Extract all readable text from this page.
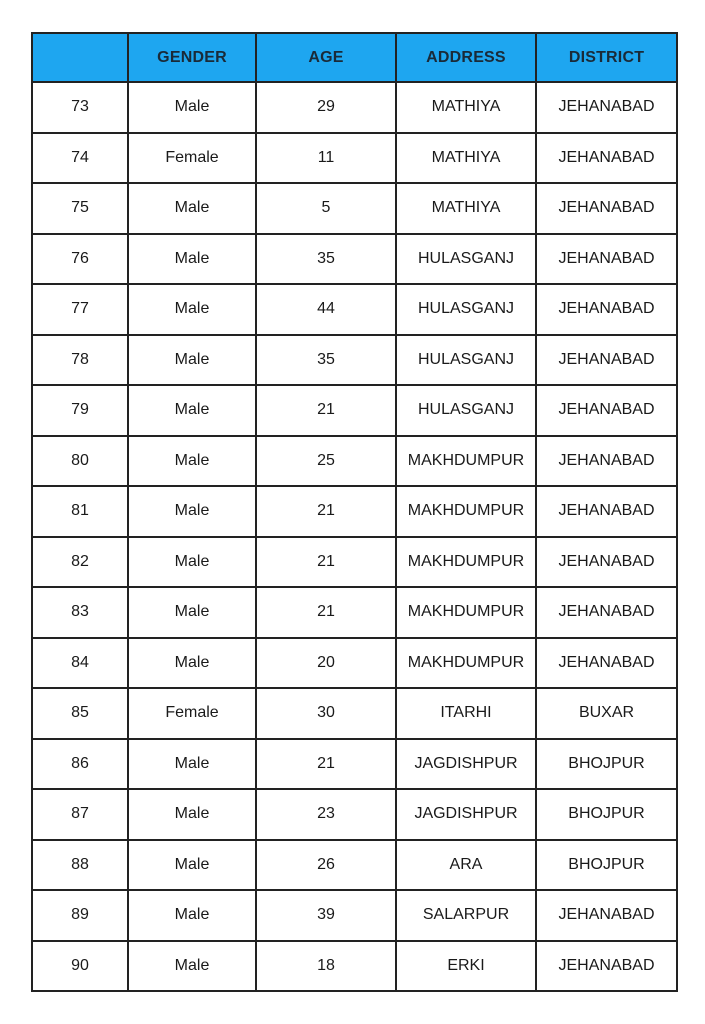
	GENDER	AGE	ADDRESS	DISTRICT
73	Male	29	MATHIYA	JEHANABAD
74	Female	11	MATHIYA	JEHANABAD
75	Male	5	MATHIYA	JEHANABAD
76	Male	35	HULASGANJ	JEHANABAD
77	Male	44	HULASGANJ	JEHANABAD
78	Male	35	HULASGANJ	JEHANABAD
79	Male	21	HULASGANJ	JEHANABAD
80	Male	25	MAKHDUMPUR	JEHANABAD
81	Male	21	MAKHDUMPUR	JEHANABAD
82	Male	21	MAKHDUMPUR	JEHANABAD
83	Male	21	MAKHDUMPUR	JEHANABAD
84	Male	20	MAKHDUMPUR	JEHANABAD
85	Female	30	ITARHI	BUXAR
86	Male	21	JAGDISHPUR	BHOJPUR
87	Male	23	JAGDISHPUR	BHOJPUR
88	Male	26	ARA	BHOJPUR
89	Male	39	SALARPUR	JEHANABAD
90	Male	18	ERKI	JEHANABAD
